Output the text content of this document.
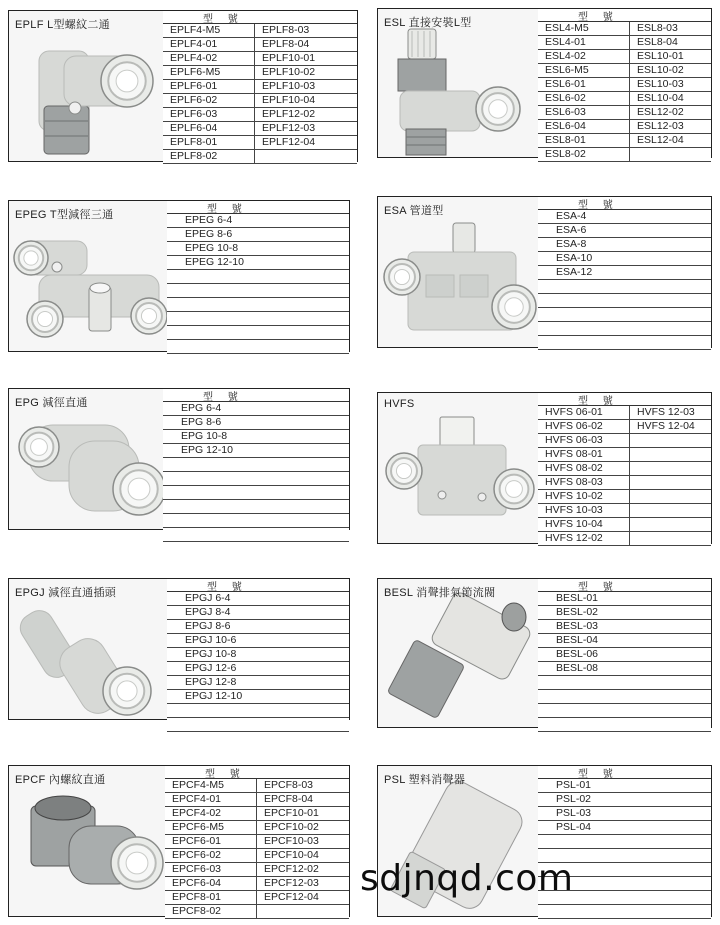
EPLF L型螺紋二通	型 號
EPLF4-M5	EPLF8-03
EPLF4-01	EPLF8-04
EPLF4-02	EPLF10-01
EPLF6-M5	EPLF10-02
EPLF6-01	EPLF10-03
EPLF6-02	EPLF10-04
EPLF6-03	EPLF12-02
EPLF6-04	EPLF12-03
EPLF8-01	EPLF12-04
EPLF8-02
ESL 直接安裝L型	型 號
ESL4-M5	ESL8-03
ESL4-01	ESL8-04
ESL4-02	ESL10-01
ESL6-M5	ESL10-02
ESL6-01	ESL10-03
ESL6-02	ESL10-04
ESL6-03	ESL12-02
ESL6-04	ESL12-03
ESL8-01	ESL12-04
ESL8-02
EPEG T型減徑三通	型 號
EPEG 6-4
EPEG 8-6
EPEG 10-8
EPEG 12-10
ESA 管道型	型 號
ESA-4
ESA-6
ESA-8
ESA-10
ESA-12
EPG 減徑直通	型 號
EPG 6-4
EPG 8-6
EPG 10-8
EPG 12-10
HVFS	型 號
HVFS 06-01	HVFS 12-03
HVFS 06-02	HVFS 12-04
HVFS 06-03
HVFS 08-01
HVFS 08-02
HVFS 08-03
HVFS 10-02
HVFS 10-03
HVFS 10-04
HVFS 12-02
EPGJ 減徑直通插頭	型 號
EPGJ 6-4
EPGJ 8-4
EPGJ 8-6
EPGJ 10-6
EPGJ 10-8
EPGJ 12-6
EPGJ 12-8
EPGJ 12-10
BESL 消聲排氣節流閥	型 號
BESL-01
BESL-02
BESL-03
BESL-04
BESL-06
BESL-08
EPCF 內螺紋直通	型 號
EPCF4-M5	EPCF8-03
EPCF4-01	EPCF8-04
EPCF4-02	EPCF10-01
EPCF6-M5	EPCF10-02
EPCF6-01	EPCF10-03
EPCF6-02	EPCF10-04
EPCF6-03	EPCF12-02
EPCF6-04	EPCF12-03
EPCF8-01	EPCF12-04
EPCF8-02
PSL 塑料消聲器	型 號
PSL-01
PSL-02
PSL-03
PSL-04
sdjnqd.com
